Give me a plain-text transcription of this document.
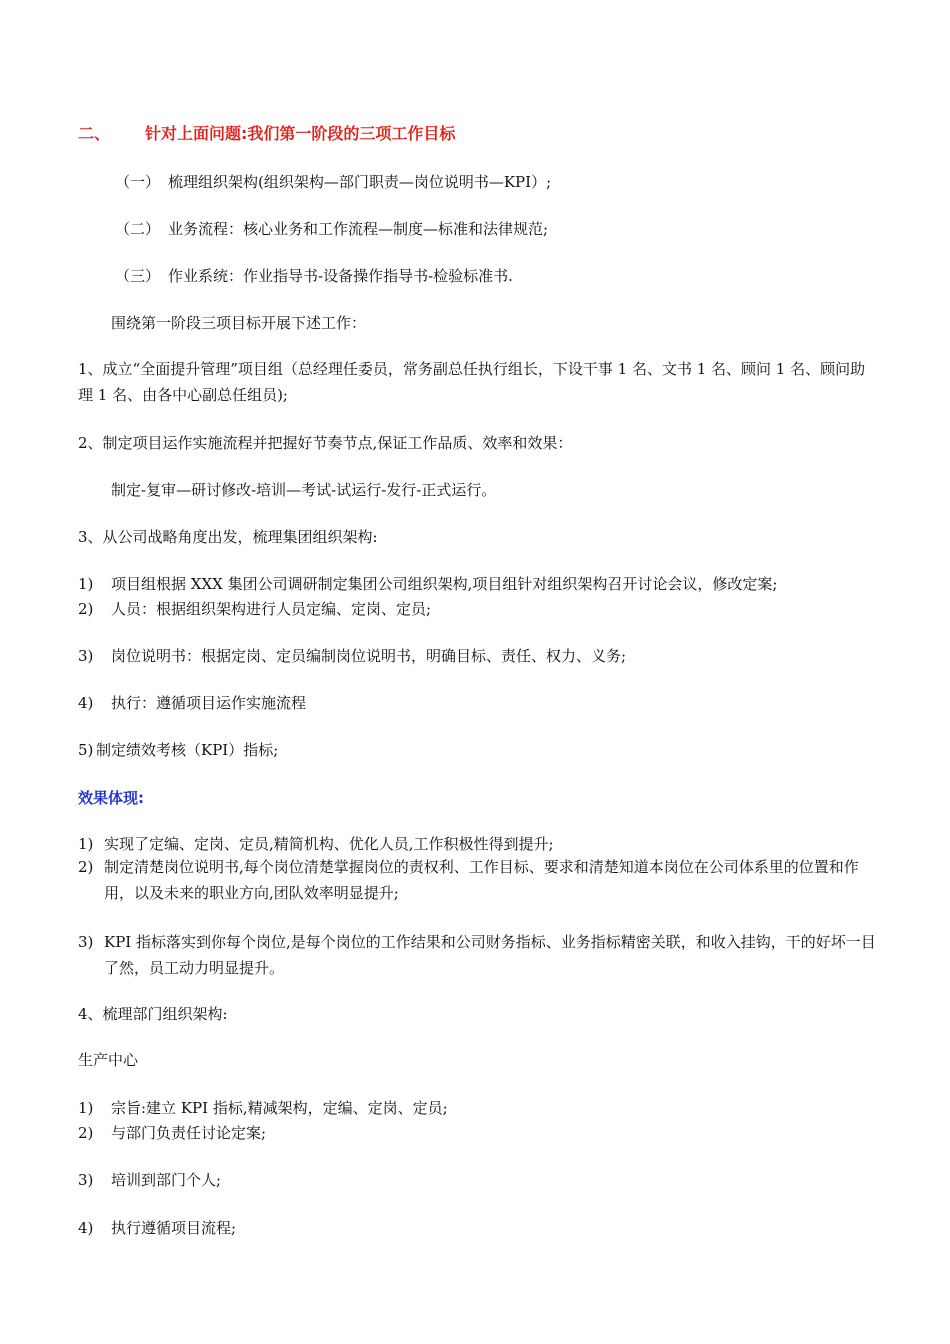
二、 针对上面问题:我们第一阶段的三项工作目标
（一） 梳理组织架构(组织架构—部门职责—岗位说明书—KPI）;
（二） 业务流程：核心业务和工作流程—制度—标准和法律规范;
（三） 作业系统：作业指导书-设备操作指导书-检验标准书.
围绕第一阶段三项目标开展下述工作：
1、成立“全面提升管理”项目组（总经理任委员，常务副总任执行组长，下设干事 1 名、文书 1 名、顾问 1 名、顾问助理 1 名、由各中心副总任组员);
2、制定项目运作实施流程并把握好节奏节点,保证工作品质、效率和效果：
制定-复审—研讨修改-培训—考试-试运行-发行-正式运行。
3、从公司战略角度出发，梳理集团组织架构:
1) 项目组根据 XXX 集团公司调研制定集团公司组织架构,项目组针对组织架构召开讨论会议，修改定案;
2) 人员：根据组织架构进行人员定编、定岗、定员;
3) 岗位说明书：根据定岗、定员编制岗位说明书，明确目标、责任、权力、义务;
4) 执行：遵循项目运作实施流程
5) 制定绩效考核（KPI）指标;
效果体现:
1) 实现了定编、定岗、定员,精简机构、优化人员,工作积极性得到提升;
2) 制定清楚岗位说明书,每个岗位清楚掌握岗位的责权利、工作目标、要求和清楚知道本岗位在公司体系里的位置和作用，以及未来的职业方向,团队效率明显提升;
3) KPI 指标落实到你每个岗位,是每个岗位的工作结果和公司财务指标、业务指标精密关联，和收入挂钩，干的好坏一目了然，员工动力明显提升。
4、梳理部门组织架构:
生产中心
1) 宗旨:建立 KPI 指标,精减架构，定编、定岗、定员;
2) 与部门负责任讨论定案;
3) 培训到部门个人;
4) 执行遵循项目流程;
